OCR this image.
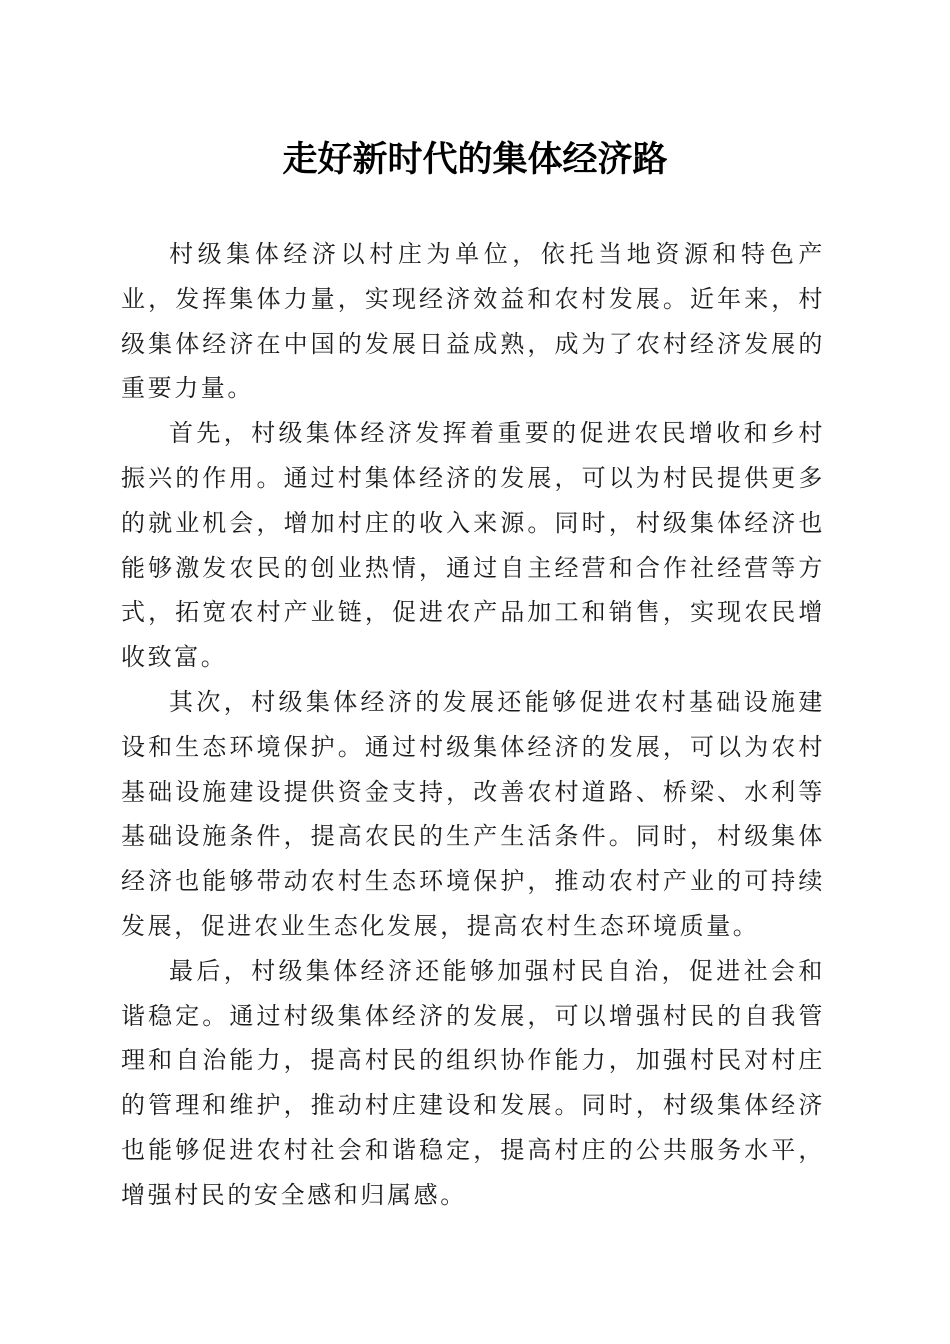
走好新时代的集体经济路

村级集体经济以村庄为单位，依托当地资源和特色产业，发挥集体力量，实现经济效益和农村发展。近年来，村级集体经济在中国的发展日益成熟，成为了农村经济发展的重要力量。

首先，村级集体经济发挥着重要的促进农民增收和乡村振兴的作用。通过村集体经济的发展，可以为村民提供更多的就业机会，增加村庄的收入来源。同时，村级集体经济也能够激发农民的创业热情，通过自主经营和合作社经营等方式，拓宽农村产业链，促进农产品加工和销售，实现农民增收致富。

其次，村级集体经济的发展还能够促进农村基础设施建设和生态环境保护。通过村级集体经济的发展，可以为农村基础设施建设提供资金支持，改善农村道路、桥梁、水利等基础设施条件，提高农民的生产生活条件。同时，村级集体经济也能够带动农村生态环境保护，推动农村产业的可持续发展，促进农业生态化发展，提高农村生态环境质量。

最后，村级集体经济还能够加强村民自治，促进社会和谐稳定。通过村级集体经济的发展，可以增强村民的自我管理和自治能力，提高村民的组织协作能力，加强村民对村庄的管理和维护，推动村庄建设和发展。同时，村级集体经济也能够促进农村社会和谐稳定，提高村庄的公共服务水平，增强村民的安全感和归属感。
